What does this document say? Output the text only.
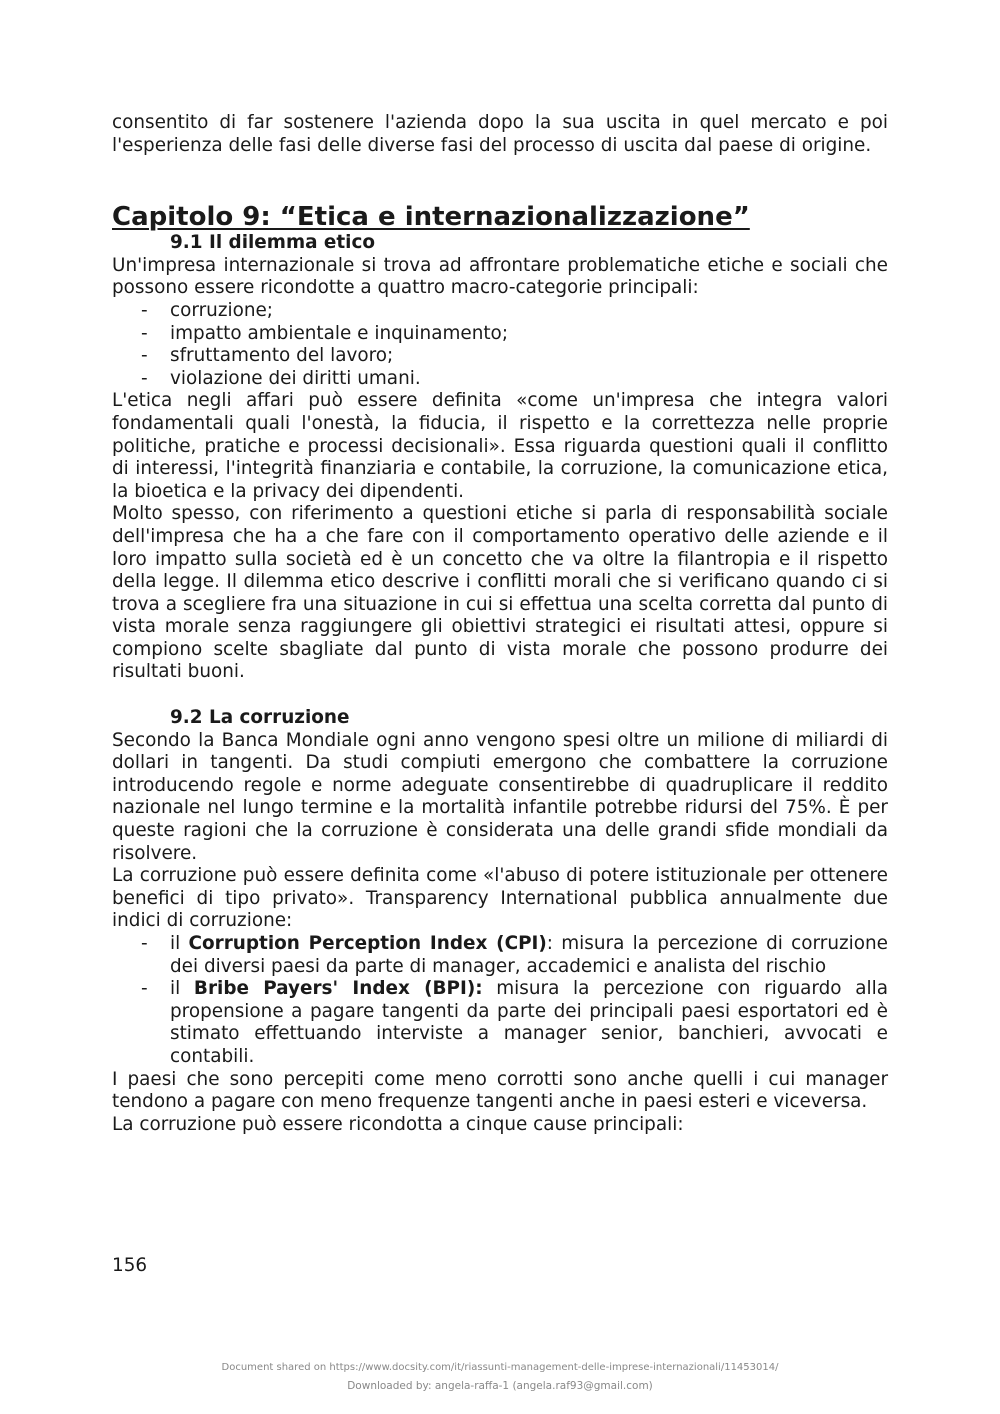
consentito di far sostenere l'azienda dopo la sua uscita in quel mercato e poi l'esperienza delle fasi delle diverse fasi del processo di uscita dal paese di origine.

Capitolo 9: “Etica e internazionalizzazione”
9.1 Il dilemma etico

Un'impresa internazionale si trova ad affrontare problematiche etiche e sociali che possono essere ricondotte a quattro macro-categorie principali:

- corruzione;
- impatto ambientale e inquinamento;
- sfruttamento del lavoro;
- violazione dei diritti umani.

L'etica negli affari può essere definita «come un'impresa che integra valori fondamentali quali l'onestà, la fiducia, il rispetto e la correttezza nelle proprie politiche, pratiche e processi decisionali». Essa riguarda questioni quali il conflitto di interessi, l'integrità finanziaria e contabile, la corruzione, la comunicazione etica, la bioetica e la privacy dei dipendenti.

Molto spesso, con riferimento a questioni etiche si parla di responsabilità sociale dell'impresa che ha a che fare con il comportamento operativo delle aziende e il loro impatto sulla società ed è un concetto che va oltre la filantropia e il rispetto della legge. Il dilemma etico descrive i conflitti morali che si verificano quando ci si trova a scegliere fra una situazione in cui si effettua una scelta corretta dal punto di vista morale senza raggiungere gli obiettivi strategici ei risultati attesi, oppure si compiono scelte sbagliate dal punto di vista morale che possono produrre dei risultati buoni.

9.2 La corruzione

Secondo la Banca Mondiale ogni anno vengono spesi oltre un milione di miliardi di dollari in tangenti. Da studi compiuti emergono che combattere la corruzione introducendo regole e norme adeguate consentirebbe di quadruplicare il reddito nazionale nel lungo termine e la mortalità infantile potrebbe ridursi del 75%. È per queste ragioni che la corruzione è considerata una delle grandi sfide mondiali da risolvere.

La corruzione può essere definita come «l'abuso di potere istituzionale per ottenere benefici di tipo privato». Transparency International pubblica annualmente due indici di corruzione:

- il Corruption Perception Index (CPI): misura la percezione di corruzione dei diversi paesi da parte di manager, accademici e analista del rischio
- il Bribe Payers' Index (BPI): misura la percezione con riguardo alla propensione a pagare tangenti da parte dei principali paesi esportatori ed è stimato effettuando interviste a manager senior, banchieri, avvocati e contabili.

I paesi che sono percepiti come meno corrotti sono anche quelli i cui manager tendono a pagare con meno frequenze tangenti anche in paesi esteri e viceversa.

La corruzione può essere ricondotta a cinque cause principali:

156
Document shared on https://www.docsity.com/it/riassunti-management-delle-imprese-internazionali/11453014/
Downloaded by: angela-raffa-1 (angela.raf93@gmail.com)
